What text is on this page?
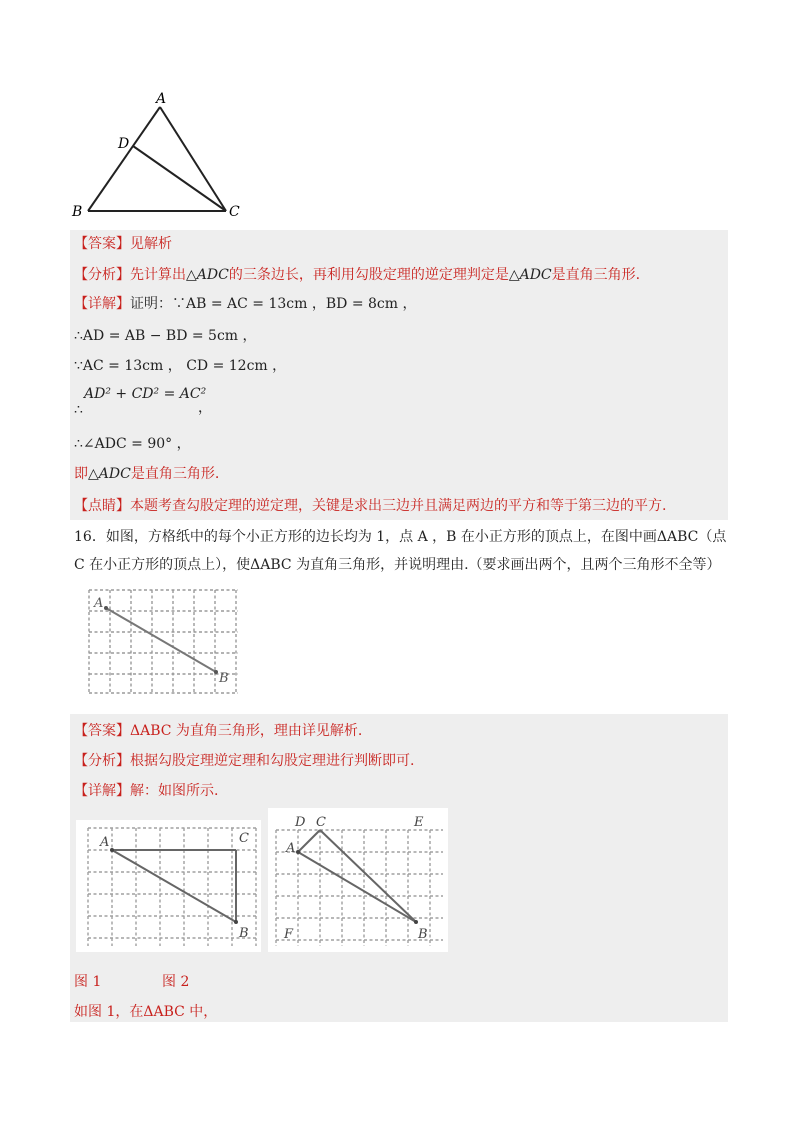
A
D
B	C
【答案】见解析
【分析】先计算出△ADC的三条边长，再利用勾股定理的逆定理判定是△ADC是直角三角形.
【详解】证明：∵AB = AC = 13cm ，BD = 8cm ，
∴AD = AB − BD = 5cm ，
∵AC = 13cm ， CD = 12cm ，
AD² + CD² = AC²
∴	，
∴∠ADC = 90° ，
即△ADC是直角三角形.
【点睛】本题考查勾股定理的逆定理，关键是求出三边并且满足两边的平方和等于第三边的平方.
16．如图，方格纸中的每个小正方形的边长均为 1，点 A ，B 在小正方形的顶点上，在图中画ΔABC（点
C 在小正方形的顶点上），使ΔABC 为直角三角形，并说明理由.（要求画出两个，且两个三角形不全等）
A
B
【答案】ΔABC 为直角三角形，理由详见解析.
【分析】根据勾股定理逆定理和勾股定理进行判断即可.
【详解】解：如图所示.
A	C
B
D C	E
A
F	B
图 1	图 2
如图 1，在ΔABC 中，
